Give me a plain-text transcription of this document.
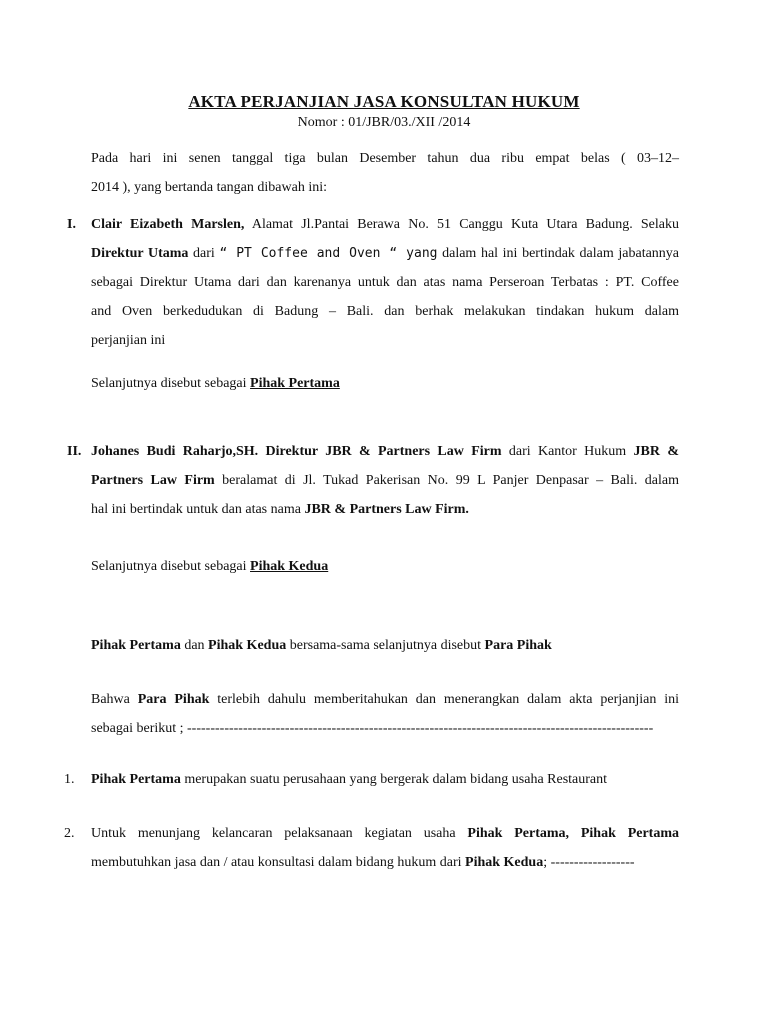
AKTA PERJANJIAN JASA KONSULTAN HUKUM
Nomor : 01/JBR/03./XII /2014
Pada hari ini senen tanggal tiga bulan Desember tahun dua ribu empat belas ( 03–12–
2014 ), yang bertanda tangan dibawah ini:
I. Clair Eizabeth Marslen, Alamat Jl.Pantai Berawa No. 51 Canggu Kuta Utara Badung. Selaku
Direktur Utama dari “ PT Coffee and Oven “ yang dalam hal ini bertindak dalam jabatannya
sebagai Direktur Utama dari dan karenanya untuk dan atas nama Perseroan Terbatas : PT. Coffee
and Oven berkedudukan di Badung – Bali. dan berhak melakukan tindakan hukum dalam
perjanjian ini
Selanjutnya disebut sebagai Pihak Pertama
II. Johanes Budi Raharjo,SH. Direktur JBR & Partners Law Firm dari Kantor Hukum JBR &
Partners Law Firm beralamat di Jl. Tukad Pakerisan No. 99 L Panjer Denpasar – Bali. dalam
hal ini bertindak untuk dan atas nama JBR & Partners Law Firm.
Selanjutnya disebut sebagai Pihak Kedua
Pihak Pertama dan Pihak Kedua bersama-sama selanjutnya disebut Para Pihak
Bahwa Para Pihak terlebih dahulu memberitahukan dan menerangkan dalam akta perjanjian ini
sebagai berikut ; ----------------------------------------------------------------------------------------------------
1. Pihak Pertama merupakan suatu perusahaan yang bergerak dalam bidang usaha Restaurant
2. Untuk menunjang kelancaran pelaksanaan kegiatan usaha Pihak Pertama, Pihak Pertama
membutuhkan jasa dan / atau konsultasi dalam bidang hukum dari Pihak Kedua; ------------------
